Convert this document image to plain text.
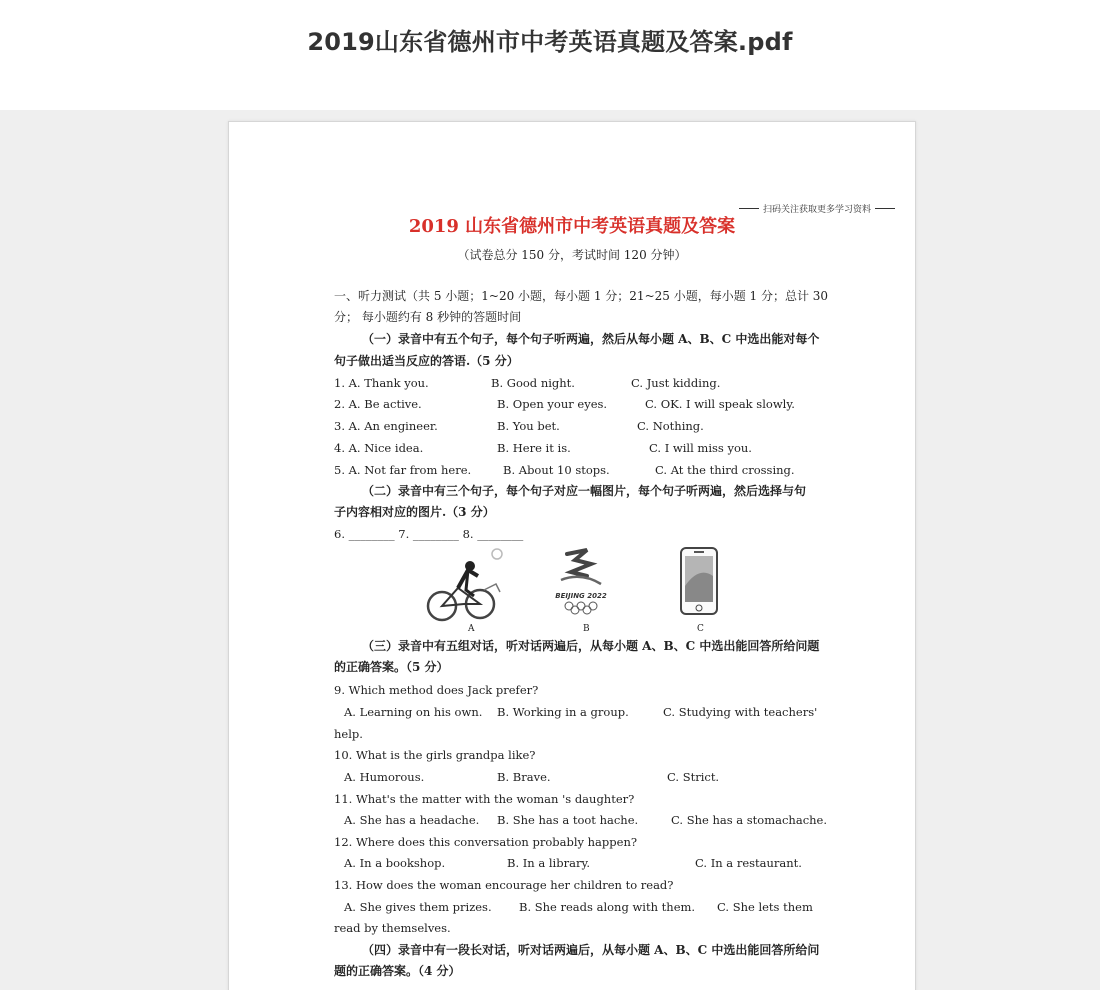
2019山东省德州市中考英语真题及答案.pdf
扫码关注获取更多学习资料
2019 山东省德州市中考英语真题及答案
（试卷总分 150 分，考试时间 120 分钟）
一、听力测试（共 5 小题；1~20 小题，每小题 1 分；21~25 小题，每小题 1 分；总计 30
分； 每小题约有 8 秒钟的答题时间
（一）录音中有五个句子，每个句子听两遍，然后从每小题 A、B、C 中选出能对每个
句子做出适当反应的答语.（5 分）
1. A. Thank you.	B. Good night.	C. Just kidding.
2. A. Be active.	B. Open your eyes.	C. OK. I will speak slowly.
3. A. An engineer.	B. You bet.	C. Nothing.
4. A. Nice idea.	B. Here it is.	C. I will miss you.
5. A. Not far from here.	B. About 10 stops.	C. At the third crossing.
（二）录音中有三个句子，每个句子对应一幅图片，每个句子听两遍，然后选择与句
子内容相对应的图片.（3 分）
6. ________ 7. ________ 8. ________
BEIJING 2022
A	B	C
（三）录音中有五组对话，听对话两遍后，从每小题 A、B、C 中选出能回答所给问题
的正确答案。（5 分）
9. Which method does Jack prefer?
A. Learning on his own. B. Working in a group.	C. Studying with teachers'
help.
10. What is the girls grandpa like?
A. Humorous.	B. Brave.	C. Strict.
11. What's the matter with the woman 's daughter?
A. She has a headache. B. She has a toot hache.	C. She has a stomachache.
12. Where does this conversation probably happen?
A. In a bookshop.	B. In a library.	C. In a restaurant.
13. How does the woman encourage her children to read?
A. She gives them prizes. B. She reads along with them. C. She lets them
read by themselves.
（四）录音中有一段长对话，听对话两遍后，从每小题 A、B、C 中选出能回答所给问
题的正确答案。（4 分）
